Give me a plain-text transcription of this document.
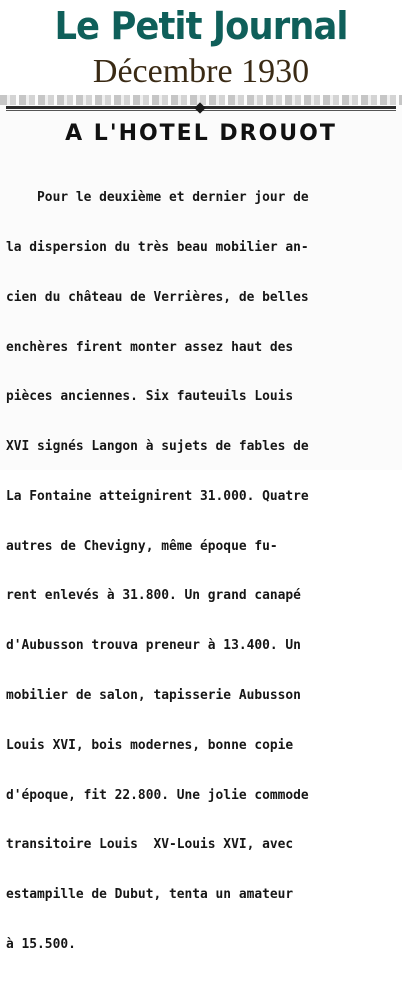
Le Petit Journal
Décembre 1930
A L'HOTEL DROUOT

Pour le deuxième et dernier jour de

la dispersion du très beau mobilier an-

cien du château de Verrières, de belles

enchères firent monter assez haut des

pièces anciennes. Six fauteuils Louis

XVI signés Langon à sujets de fables de

La Fontaine atteignirent 31.000. Quatre

autres de Chevigny, même époque fu-

rent enlevés à 31.800. Un grand canapé

d'Aubusson trouva preneur à 13.400. Un

mobilier de salon, tapisserie Aubusson

Louis XVI, bois modernes, bonne copie

d'époque, fit 22.800. Une jolie commode

transitoire Louis  XV-Louis XVI, avec

estampille de Dubut, tenta un amateur

à 15.500.
